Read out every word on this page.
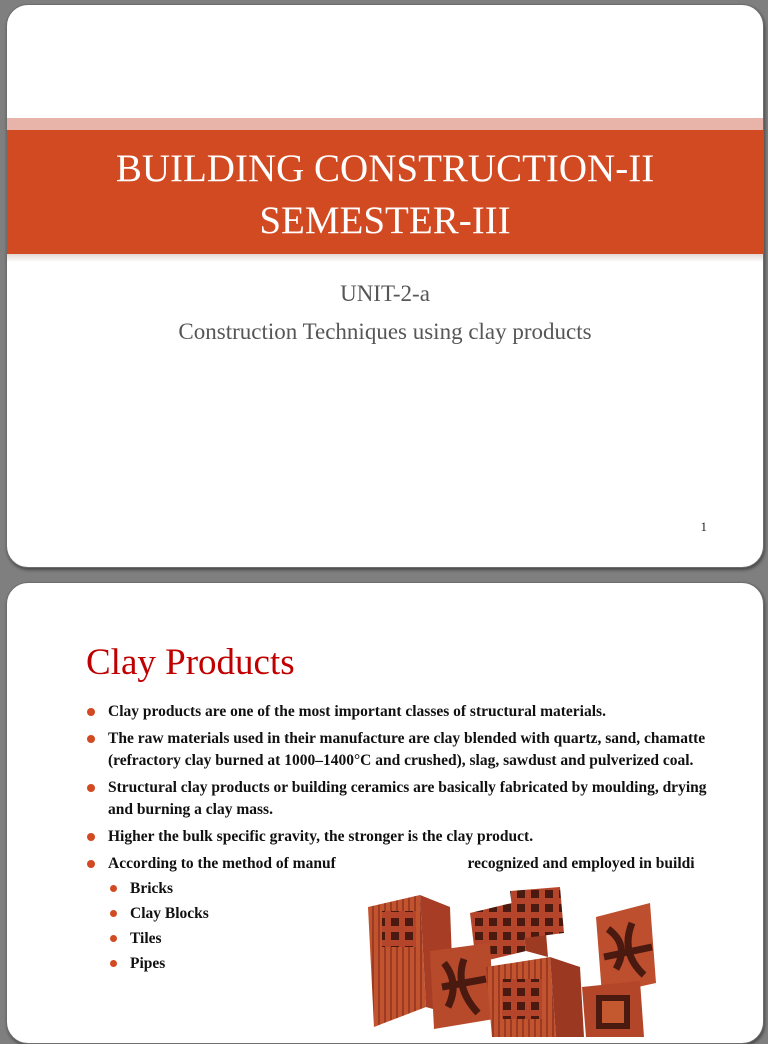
BUILDING CONSTRUCTION-II
SEMESTER-III
UNIT-2-a
Construction Techniques using clay products
1
Clay Products
Clay products are one of the most important classes of structural materials.
The raw materials used in their manufacture are clay blended with quartz, sand, chamatte (refractory clay burned at 1000–1400°C and crushed), slag, sawdust and pulverized coal.
Structural clay products or building ceramics are basically fabricated by moulding, drying and burning a clay mass.
Higher the bulk specific gravity, the stronger is the clay product.
According to the method of manuf                                  recognized and employed in buildi
Bricks
Clay Blocks
Tiles
Pipes
